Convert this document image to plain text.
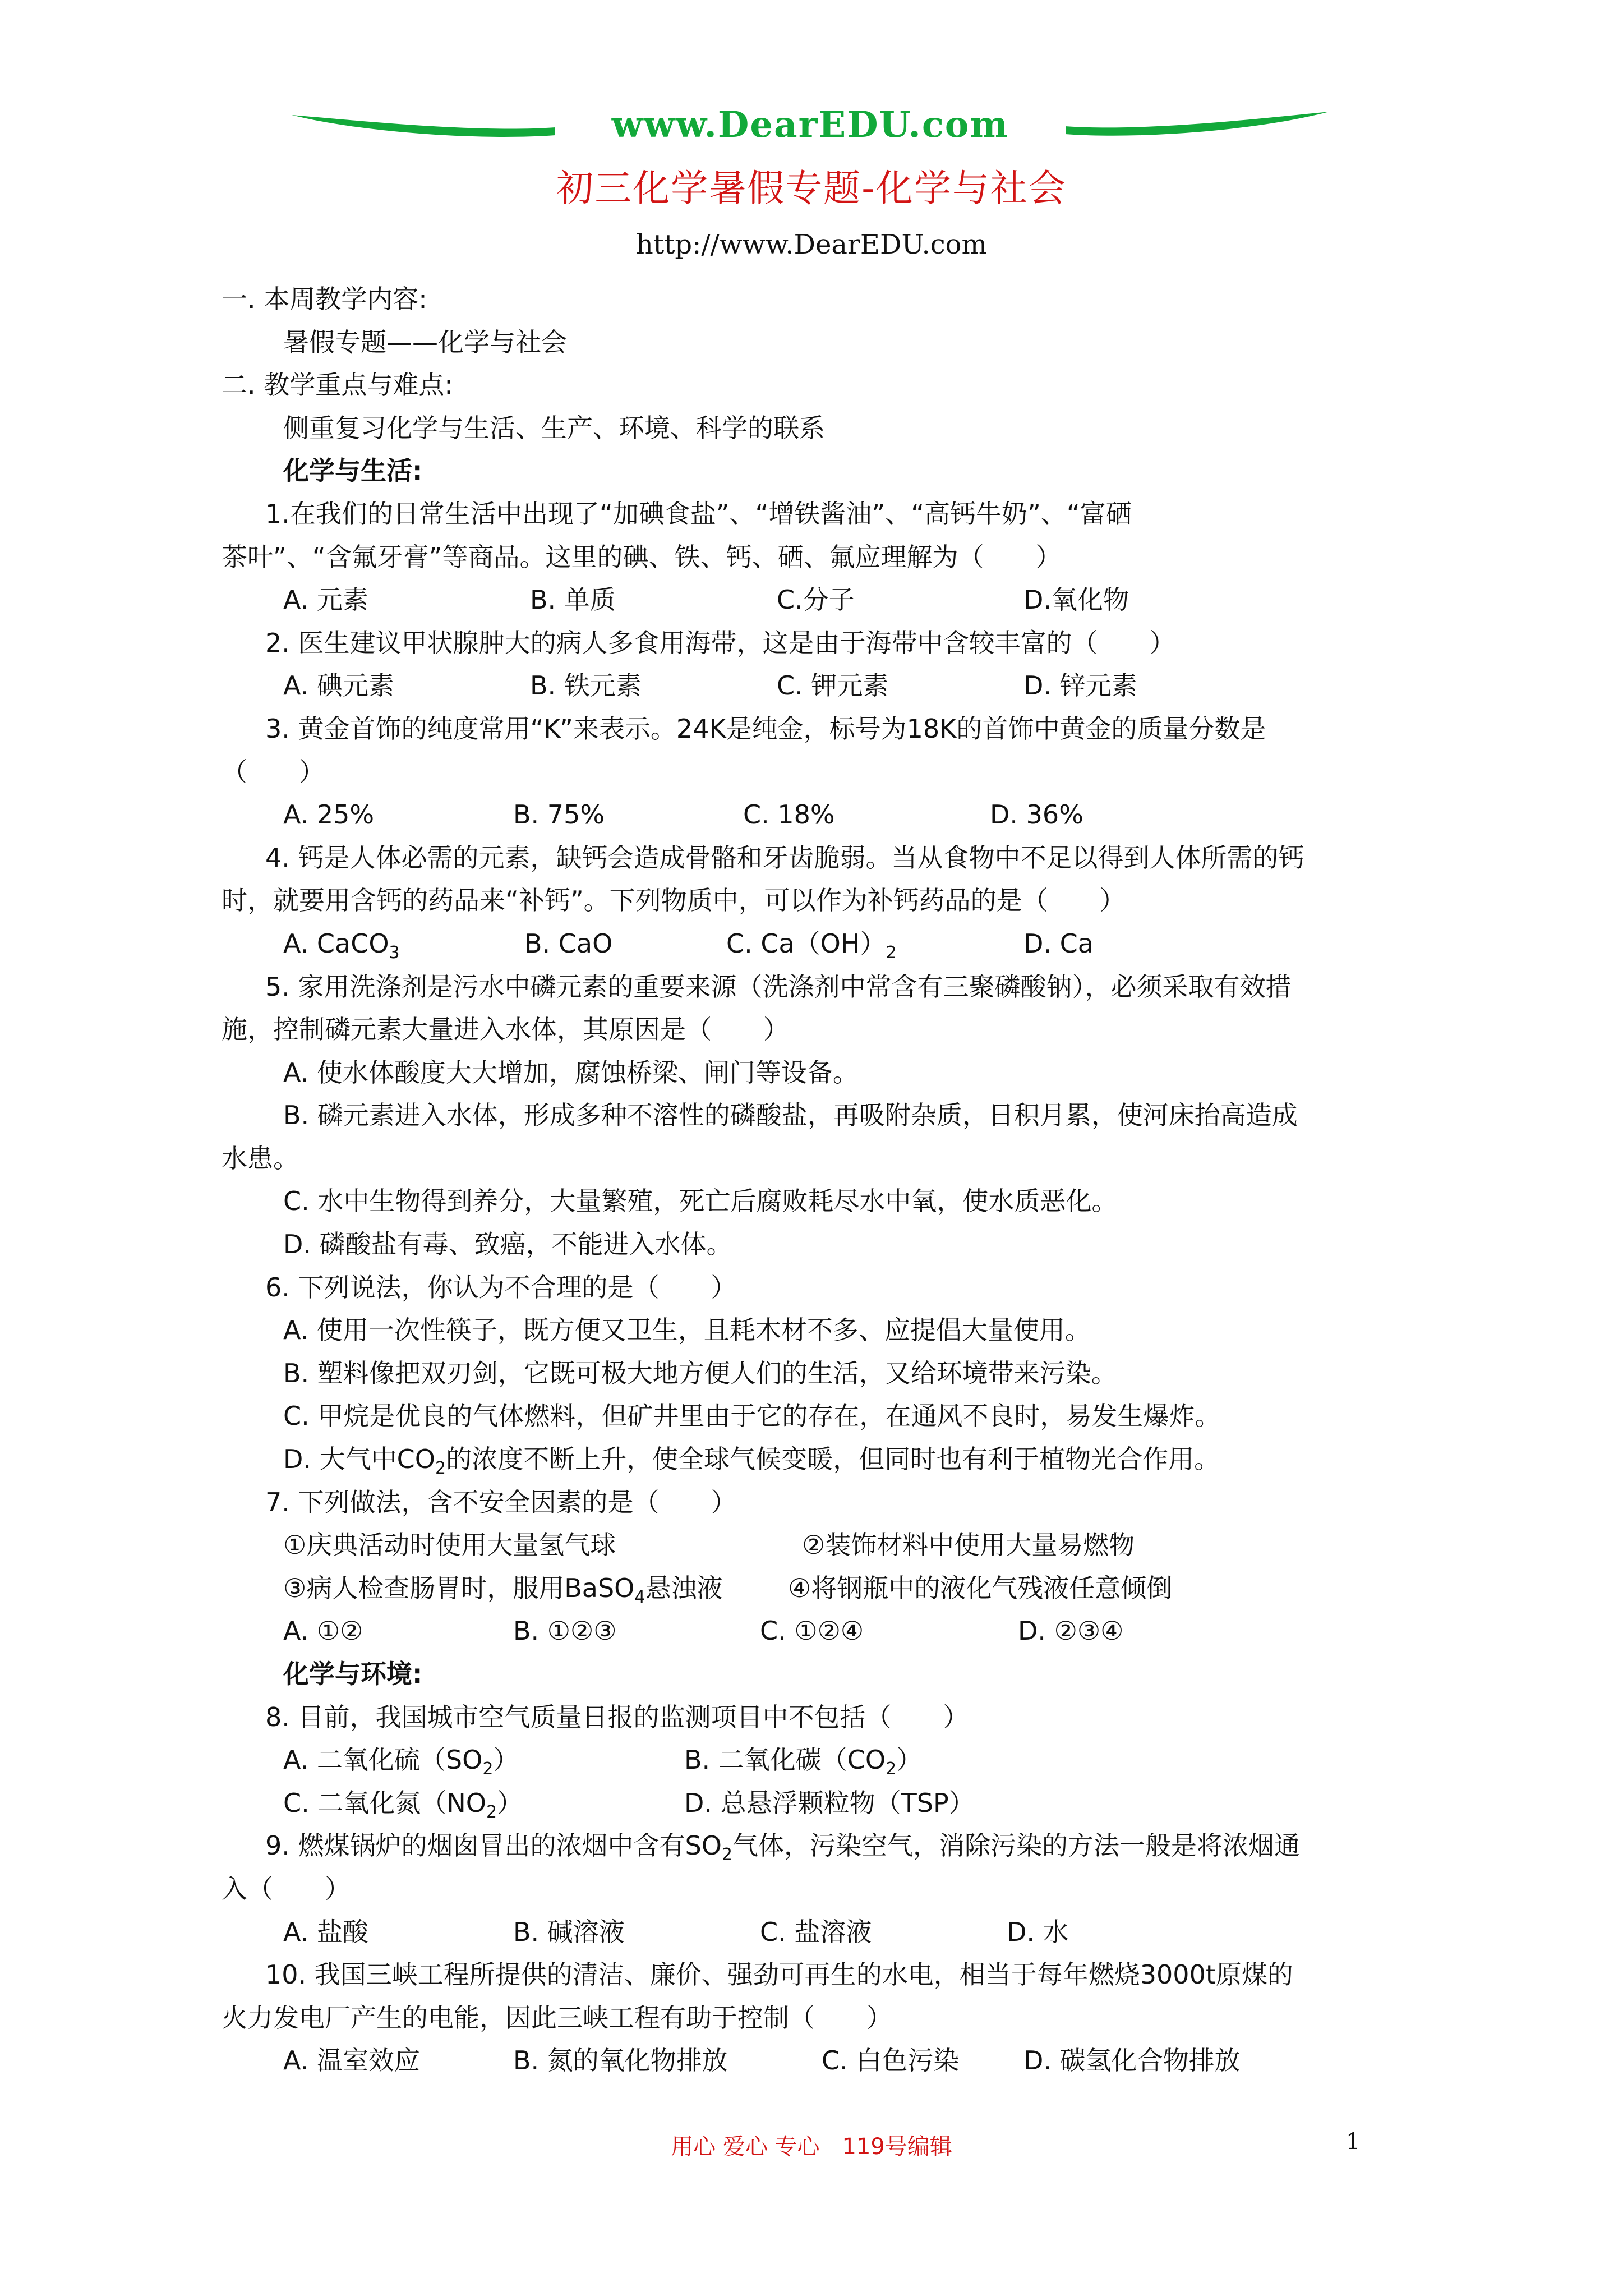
www.DearEDU.com
初三化学暑假专题-化学与社会
http://www.DearEDU.com
一. 本周教学内容:
暑假专题——化学与社会
二. 教学重点与难点:
侧重复习化学与生活、生产、环境、科学的联系
化学与生活:
1.在我们的日常生活中出现了“加碘食盐”、“增铁酱油”、“高钙牛奶”、“富硒
茶叶”、“含氟牙膏”等商品。这里的碘、铁、钙、硒、氟应理解为（　　）
A. 元素	B. 单质	C.分子	D.氧化物
2. 医生建议甲状腺肿大的病人多食用海带，这是由于海带中含较丰富的（　　）
A. 碘元素	B. 铁元素	C. 钾元素	D. 锌元素
3. 黄金首饰的纯度常用“K”来表示。24K是纯金，标号为18K的首饰中黄金的质量分数是
（　　）
A. 25%	B. 75%	C. 18%	D. 36%
4. 钙是人体必需的元素，缺钙会造成骨骼和牙齿脆弱。当从食物中不足以得到人体所需的钙
时，就要用含钙的药品来“补钙”。下列物质中，可以作为补钙药品的是（　　）
A. CaCO3	B. CaO	C. Ca（OH）2	D. Ca
5. 家用洗涤剂是污水中磷元素的重要来源（洗涤剂中常含有三聚磷酸钠），必须采取有效措
施，控制磷元素大量进入水体，其原因是（　　）
A. 使水体酸度大大增加，腐蚀桥梁、闸门等设备。
B. 磷元素进入水体，形成多种不溶性的磷酸盐，再吸附杂质，日积月累，使河床抬高造成
水患。
C. 水中生物得到养分，大量繁殖，死亡后腐败耗尽水中氧，使水质恶化。
D. 磷酸盐有毒、致癌，不能进入水体。
6. 下列说法，你认为不合理的是（　　）
A. 使用一次性筷子，既方便又卫生，且耗木材不多、应提倡大量使用。
B. 塑料像把双刃剑，它既可极大地方便人们的生活，又给环境带来污染。
C. 甲烷是优良的气体燃料，但矿井里由于它的存在，在通风不良时，易发生爆炸。
D. 大气中$CO_2$的浓度不断上升，使全球气候变暖，但同时也有利于植物光合作用。
7. 下列做法，含不安全因素的是（　　）
①庆典活动时使用大量氢气球	②装饰材料中使用大量易燃物
③病人检查肠胃时，服用BaSO4悬浊液	④将钢瓶中的液化气残液任意倾倒
A. ①②	B. ①②③	C. ①②④	D. ②③④
化学与环境:
8. 目前，我国城市空气质量日报的监测项目中不包括（　　）
A. 二氧化硫（SO2）	B. 二氧化碳（CO2）
C. 二氧化氮（NO2）	D. 总悬浮颗粒物（TSP）
9. 燃煤锅炉的烟囱冒出的浓烟中含有$SO_2$气体，污染空气，消除污染的方法一般是将浓烟通
入（　　）
A. 盐酸	B. 碱溶液	C. 盐溶液	D. 水
10. 我国三峡工程所提供的清洁、廉价、强劲可再生的水电，相当于每年燃烧3000t原煤的
火力发电厂产生的电能，因此三峡工程有助于控制（　　）
A. 温室效应	B. 氮的氧化物排放	C. 白色污染	D. 碳氢化合物排放
用心 爱心 专心　119号编辑	1
